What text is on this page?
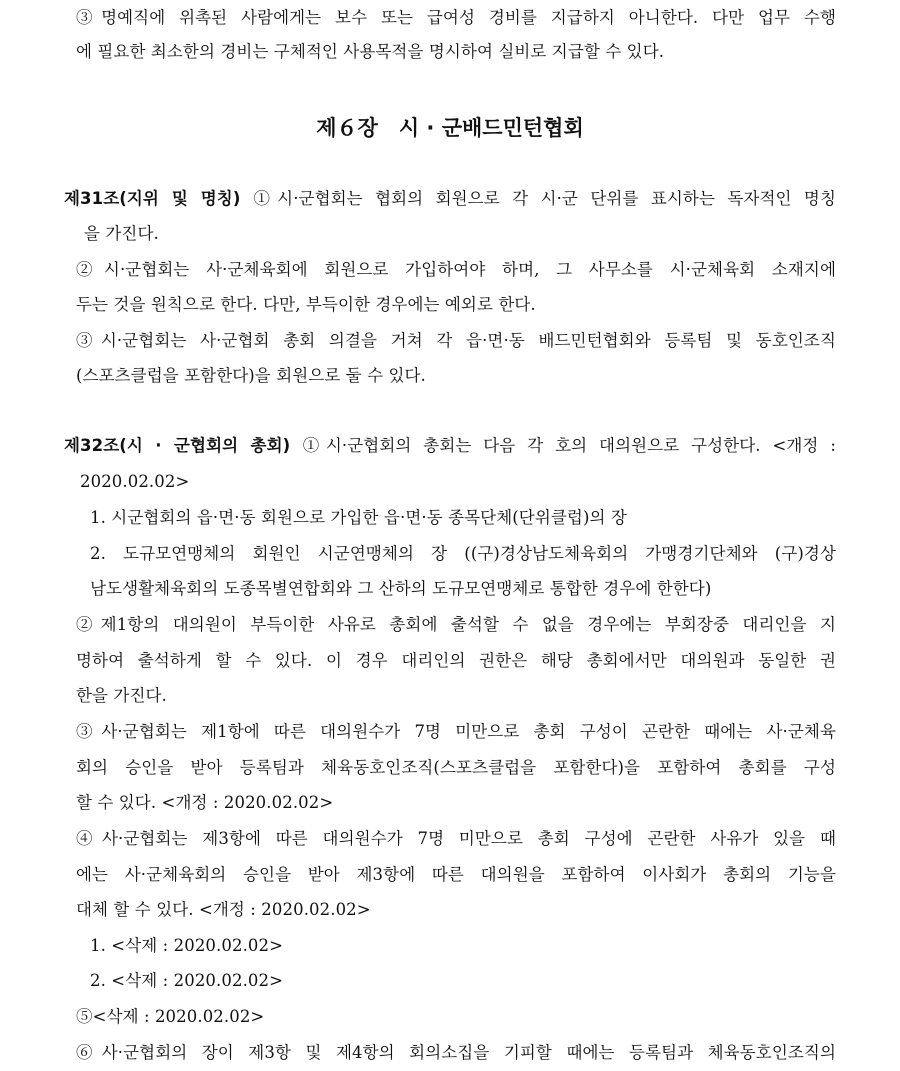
③명예직에 위촉된 사람에게는 보수 또는 급여성 경비를 지급하지 아니한다. 다만 업무 수행
에 필요한 최소한의 경비는 구체적인 사용목적을 명시하여 실비로 지급할 수 있다.
제６장　시 · 군배드민턴협회
제31조(지위 및 명칭) ①시·군협회는 협회의 회원으로 각 시·군 단위를 표시하는 독자적인 명칭
을 가진다.
②시·군협회는 사·군체육회에 회원으로 가입하여야 하며, 그 사무소를 시·군체육회 소재지에
두는 것을 원칙으로 한다. 다만, 부득이한 경우에는 예외로 한다.
③시·군협회는 사·군협회 총회 의결을 거쳐 각 읍·면·동 배드민턴협회와 등록팀 및 동호인조직
(스포츠클럽을 포함한다)을 회원으로 둘 수 있다.
제32조(시 · 군협회의 총회) ①시·군협회의 총회는 다음 각 호의 대의원으로 구성한다. <개정 :
2020.02.02>
1. 시군협회의 읍·면·동 회원으로 가입한 읍·면·동 종목단체(단위클럽)의 장
2. 도규모연맹체의 회원인 시군연맹체의 장 ((구)경상남도체육회의 가맹경기단체와 (구)경상
남도생활체육회의 도종목별연합회와 그 산하의 도규모연맹체로 통합한 경우에 한한다)
②제1항의 대의원이 부득이한 사유로 총회에 출석할 수 없을 경우에는 부회장중 대리인을 지
명하여 출석하게 할 수 있다. 이 경우 대리인의 권한은 해당 총회에서만 대의원과 동일한 권
한을 가진다.
③사·군협회는 제1항에 따른 대의원수가 7명 미만으로 총회 구성이 곤란한 때에는 사·군체육
회의 승인을 받아 등록팀과 체육동호인조직(스포츠클럽을 포함한다)을 포함하여 총회를 구성
할 수 있다. <개정 : 2020.02.02>
④사·군협회는 제3항에 따른 대의원수가 7명 미만으로 총회 구성에 곤란한 사유가 있을 때
에는 사·군체육회의 승인을 받아 제3항에 따른 대의원을 포함하여 이사회가 총회의 기능을
대체 할 수 있다. <개정 : 2020.02.02>
1. <삭제 : 2020.02.02>
2. <삭제 : 2020.02.02>
⑤<삭제 : 2020.02.02>
⑥사·군협회의 장이 제3항 및 제4항의 회의소집을 기피할 때에는 등록팀과 체육동호인조직의
